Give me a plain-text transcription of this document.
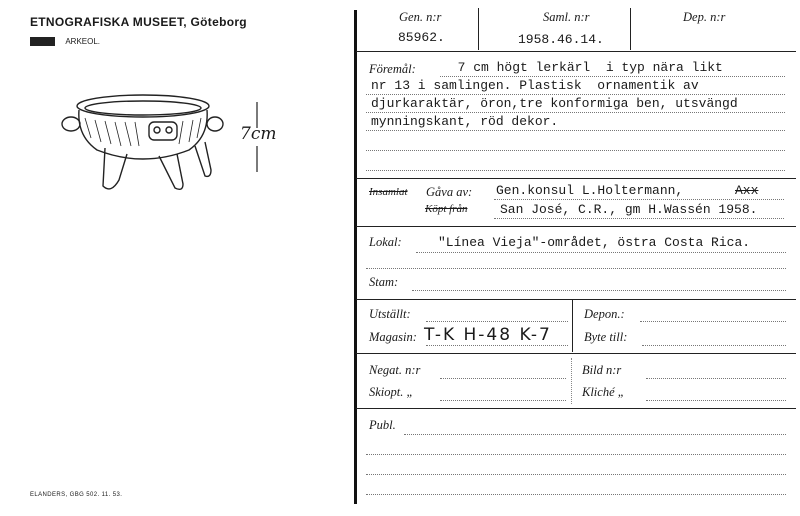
ETNOGRAFISKA MUSEET, Göteborg
XXXX ARKEOL.
7cm
ELANDERS, GBG 502. 11. 53.
Gen. n:r	Saml. n:r	Dep. n:r
85962.	1958.46.14.
Föremål: 7 cm högt lerkärl  i typ nära likt
nr 13 i samlingen. Plastisk  ornamentik av
djurkaraktär, öron,tre konformiga ben, utsvängd
mynningskant, röd dekor.
Insamlat Gåva av: Gen.konsul L.Holtermann,	Axx
Köpt från	San José, C.R., gm H.Wassén 1958.
Lokal:	"Línea Vieja"-området, östra Costa Rica.
Stam:
Utställt:	Depon.:
Magasin: T-K H-48 K-7	Byte till:
Negat. n:r	Bild n:r
Skiopt. „	Kliché „
Publ.
